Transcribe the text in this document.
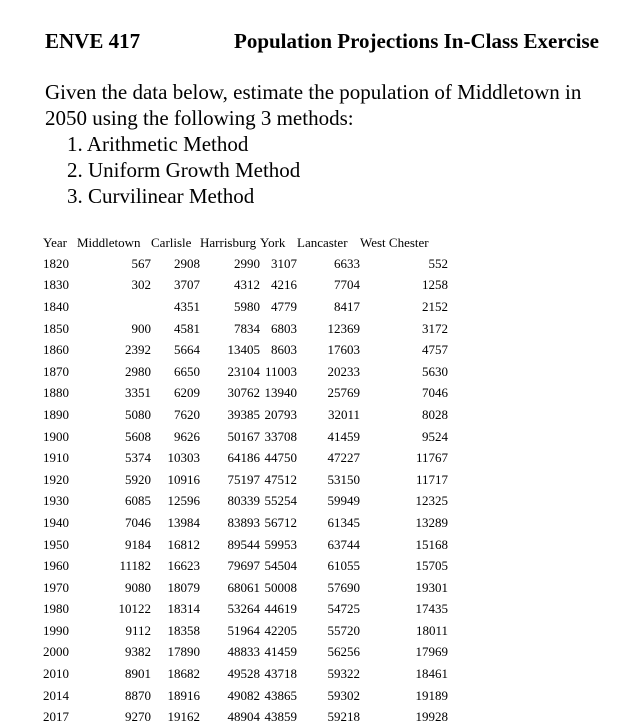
ENVE 417	Population Projections In-Class Exercise
Given the data below, estimate the population of Middletown in 2050 using the following 3 methods:
1. Arithmetic Method
2. Uniform Growth Method
3. Curvilinear Method
Year	Middletown	Carlisle	Harrisburg	York	Lancaster	West Chester
1820	567	2908	2990	3107	6633	552
1830	302	3707	4312	4216	7704	1258
1840		4351	5980	4779	8417	2152
1850	900	4581	7834	6803	12369	3172
1860	2392	5664	13405	8603	17603	4757
1870	2980	6650	23104	11003	20233	5630
1880	3351	6209	30762	13940	25769	7046
1890	5080	7620	39385	20793	32011	8028
1900	5608	9626	50167	33708	41459	9524
1910	5374	10303	64186	44750	47227	11767
1920	5920	10916	75197	47512	53150	11717
1930	6085	12596	80339	55254	59949	12325
1940	7046	13984	83893	56712	61345	13289
1950	9184	16812	89544	59953	63744	15168
1960	11182	16623	79697	54504	61055	15705
1970	9080	18079	68061	50008	57690	19301
1980	10122	18314	53264	44619	54725	17435
1990	9112	18358	51964	42205	55720	18011
2000	9382	17890	48833	41459	56256	17969
2010	8901	18682	49528	43718	59322	18461
2014	8870	18916	49082	43865	59302	19189
2017	9270	19162	48904	43859	59218	19928
